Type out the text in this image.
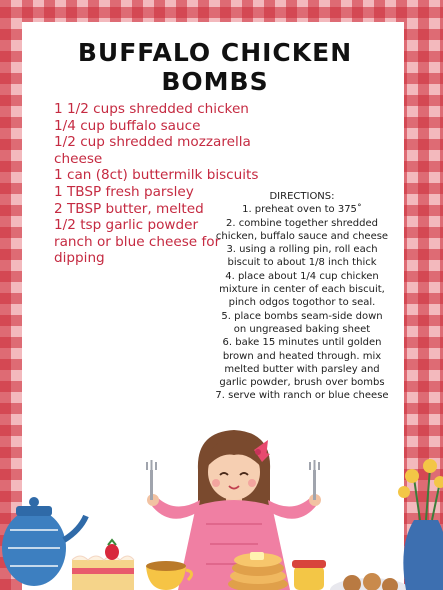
BUFFALO CHICKEN
BOMBS
1 1/2 cups shredded chicken
1/4 cup buffalo sauce
1/2 cup shredded mozzarella cheese
1 can (8ct) buttermilk biscuits
1 TBSP fresh parsley
2 TBSP butter, melted
1/2 tsp garlic powder
ranch or blue cheese for dipping
DIRECTIONS:
1. preheat oven to 375˚
2. combine together shredded chicken, buffalo sauce and cheese
3. using a rolling pin, roll each biscuit to about 1/8 inch thick
4. place about 1/4 cup chicken mixture in center of each biscuit, pinch odgos togothor to seal.
5. place bombs seam-side down on ungreased baking sheet
6. bake 15 minutes until golden brown and heated through. mix melted butter with parsley and garlic powder, brush over bombs
7. serve with ranch or blue cheese
